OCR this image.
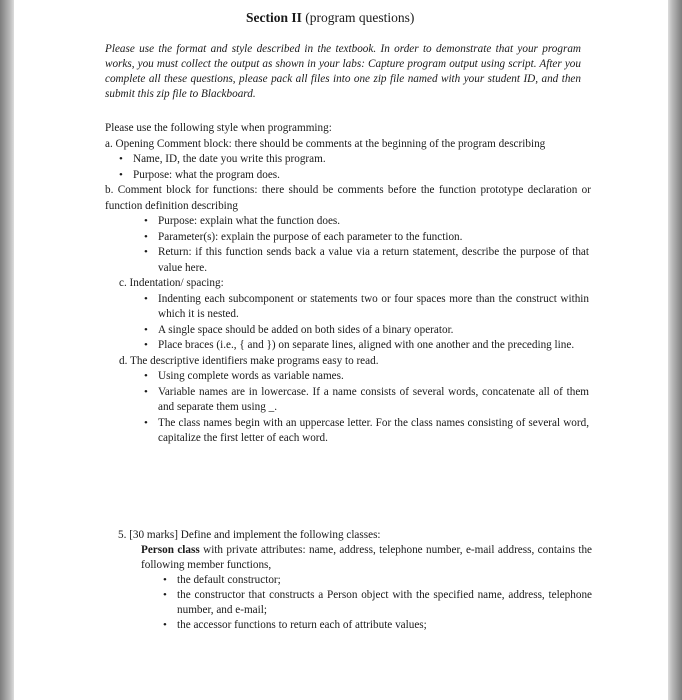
Section II (program questions)
Please use the format and style described in the textbook. In order to demonstrate that your program works, you must collect the output as shown in your labs: Capture program output using script. After you complete all these questions, please pack all files into one zip file named with your student ID, and then submit this zip file to Blackboard.

Please use the following style when programming:

a. Opening Comment block: there should be comments at the beginning of the program describing

• Name, ID, the date you write this program.
• Purpose: what the program does.

b. Comment block for functions: there should be comments before the function prototype declaration or function definition describing

• Purpose: explain what the function does.
• Parameter(s): explain the purpose of each parameter to the function.
• Return: if this function sends back a value via a return statement, describe the purpose of that value here.

c. Indentation/ spacing:

• Indenting each subcomponent or statements two or four spaces more than the construct within which it is nested.
• A single space should be added on both sides of a binary operator.
• Place braces (i.e., { and }) on separate lines, aligned with one another and the preceding line.

d. The descriptive identifiers make programs easy to read.

• Using complete words as variable names.
• Variable names are in lowercase. If a name consists of several words, concatenate all of them and separate them using _.
• The class names begin with an uppercase letter. For the class names consisting of several word, capitalize the first letter of each word.

5. [30 marks] Define and implement the following classes:

Person class with private attributes: name, address, telephone number, e-mail address, contains the following member functions,

• the default constructor;
• the constructor that constructs a Person object with the specified name, address, telephone number, and e-mail;
• the accessor functions to return each of attribute values;
